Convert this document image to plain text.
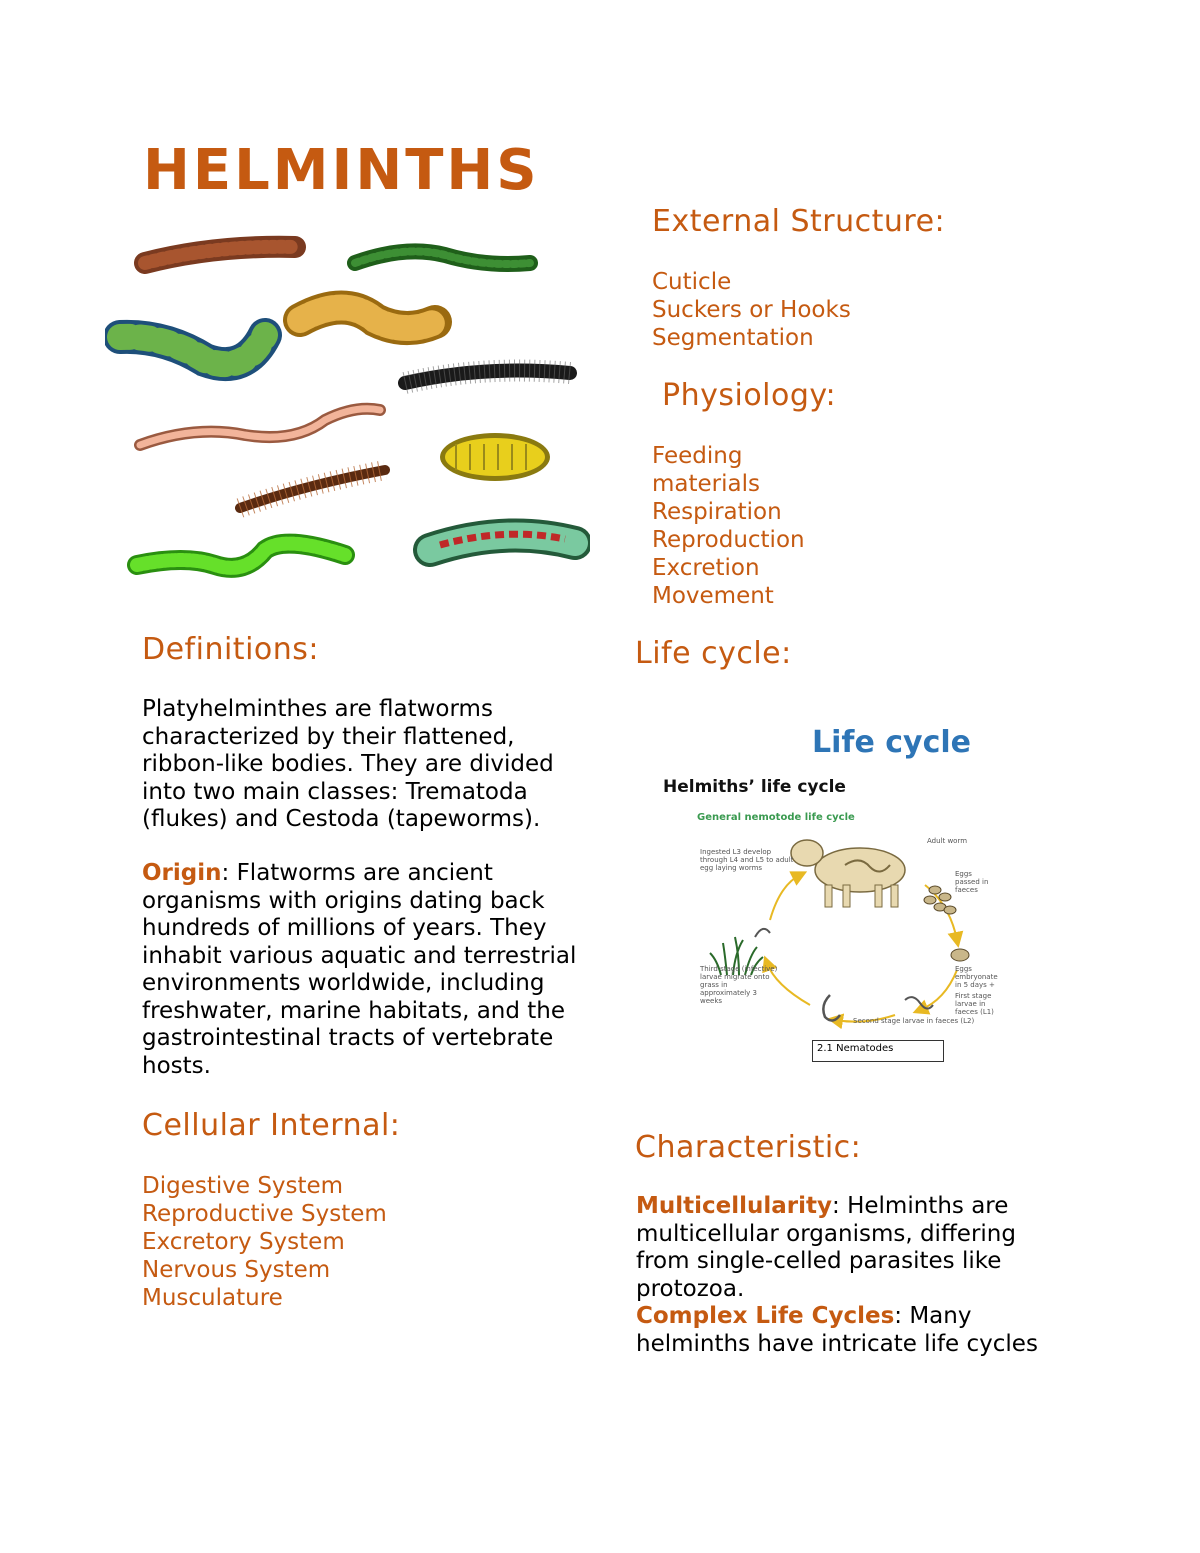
HELMINTHS
External Structure:
Cuticle
Suckers or Hooks
Segmentation
Physiology:
Feeding
materials
Respiration
Reproduction
Excretion
Movement
Definitions:

Platyhelminthes are flatworms characterized by their flattened, ribbon-like bodies. They are divided into two main classes: Trematoda (flukes) and Cestoda (tapeworms).

Origin: Flatworms are ancient organisms with origins dating back hundreds of millions of years. They inhabit various aquatic and terrestrial environments worldwide, including freshwater, marine habitats, and the gastrointestinal tracts of vertebrate hosts.

Cellular Internal:
Digestive System
Reproductive System
Excretory System
Nervous System
Musculature
Life cycle:
Life cycle
Helmiths’ life cycle
General nemotode life cycle
Ingested L3 develop through L4 and L5 to adult egg laying worms
Adult worm
Eggs passed in faeces
Eggs embryonate in 5 days +
First stage larvae in faeces (L1)
Second stage larvae in faeces (L2)
Third stage (infective) larvae migrate onto grass in approximately 3 weeks
2.1 Nematodes
Characteristic:

Multicellularity: Helminths are multicellular organisms, differing from single-celled parasites like protozoa.

Complex Life Cycles: Many helminths have intricate life cycles
